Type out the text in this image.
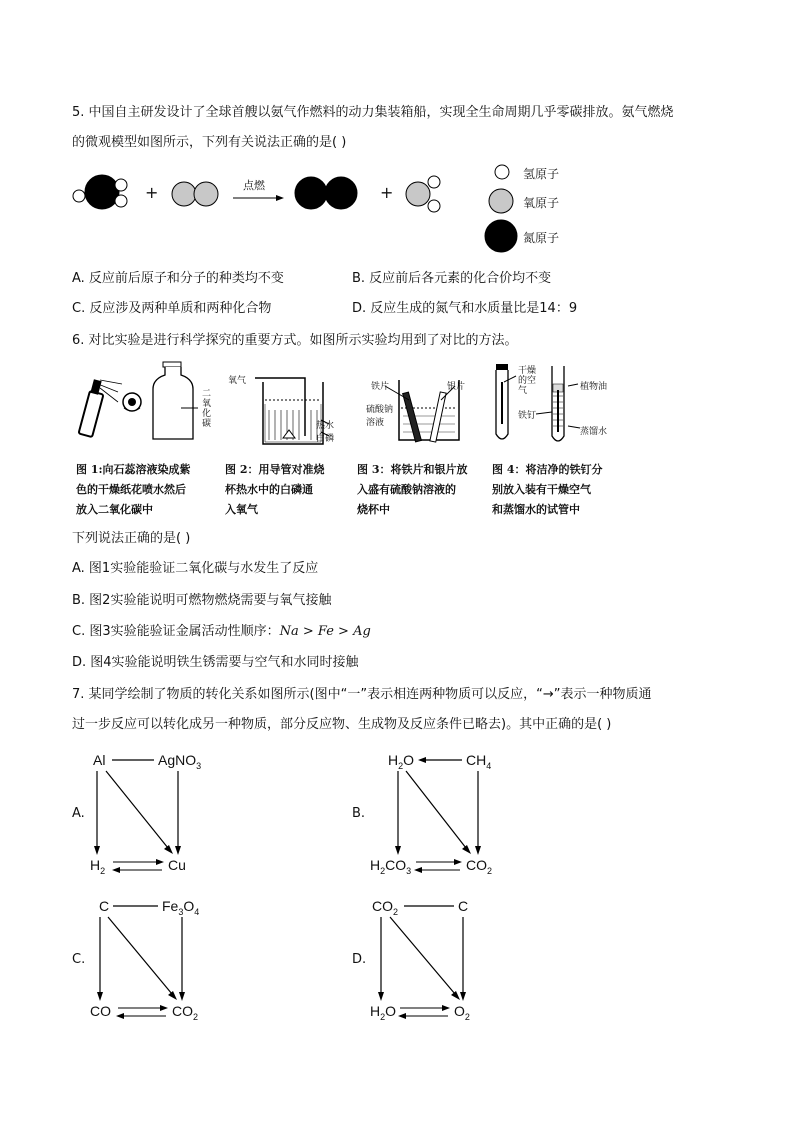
5. 中国自主研发设计了全球首艘以氨气作燃料的动力集装箱船，实现全生命周期几乎零碳排放。氨气燃烧
的微观模型如图所示，下列有关说法正确的是( )
+	+
点燃
氢原子
氧原子
氮原子
A. 反应前后原子和分子的种类均不变	B. 反应前后各元素的化合价均不变
C. 反应涉及两种单质和两种化合物	D. 反应生成的氮气和水质量比是14：9
6. 对比实验是进行科学探究的重要方式。如图所示实验均用到了对比的方法。
二氧化碳
氧气
热水
白磷
铁片	银片
硫酸钠溶液
干燥的空气	植物油
铁钉
蒸馏水
图 1:向石蕊溶液染成紫
色的干燥纸花喷水然后
放入二氧化碳中
图 2：用导管对准烧
杯热水中的白磷通
入氧气
图 3：将铁片和银片放
入盛有硫酸钠溶液的
烧杯中
图 4：将洁净的铁钉分
别放入装有干燥空气
和蒸馏水的试管中
下列说法正确的是( )
A. 图1实验能验证二氧化碳与水发生了反应
B. 图2实验能说明可燃物燃烧需要与氧气接触
C. 图3实验能验证金属活动性顺序：Na > Fe > Ag
D. 图4实验能说明铁生锈需要与空气和水同时接触
7. 某同学绘制了物质的转化关系如图所示(图中“一”表示相连两种物质可以反应，“→”表示一种物质通
过一步反应可以转化成另一种物质，部分反应物、生成物及反应条件已略去)。其中正确的是( )
A.
Al	AgNO$_3$
$H_2$	Cu
B.
$H_2O$	$CH_4$
$H_2CO_3$	$CO_2$
C.
C	$Fe_3O_4$
CO	$CO_2$
D.
$CO_2$	C
$H_2O$	$O_2$
